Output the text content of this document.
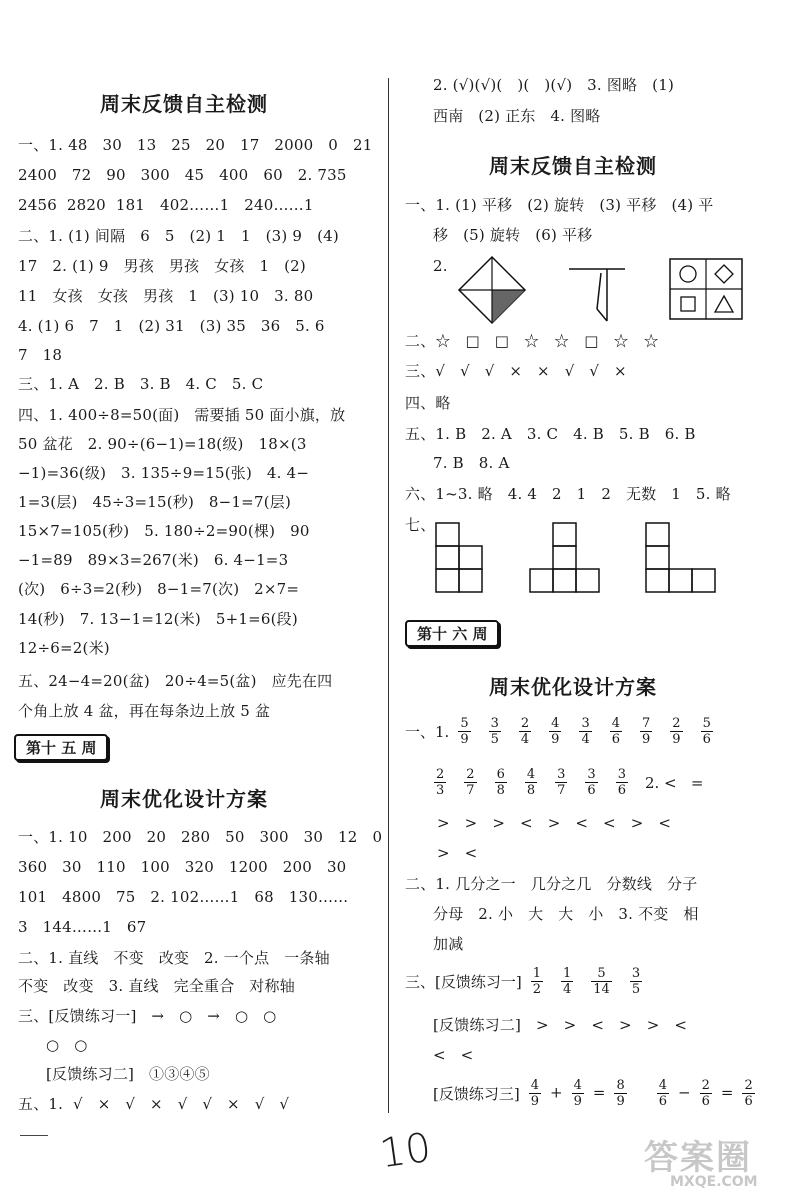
周末反馈自主检测
一、1. 48   30   13   25   20   17   2000   0   21
2400   72   90   300   45   400   60   2. 735
2456  2820  181   402……1   240……1
二、1. (1) 间隔   6   5   (2) 1   1   (3) 9   (4)
17   2. (1) 9   男孩   男孩   女孩   1   (2)
11   女孩   女孩   男孩   1   (3) 10   3. 80
4. (1) 6   7   1   (2) 31   (3) 35   36   5. 6
7   18
三、1. A   2. B   3. B   4. C   5. C
四、1. 400÷8=50(面)   需要插 50 面小旗，放
50 盆花   2. 90÷(6−1)=18(级)   18×(3
−1)=36(级)   3. 135÷9=15(张)   4. 4−
1=3(层)   45÷3=15(秒)   8−1=7(层)
15×7=105(秒)   5. 180÷2=90(棵)   90
−1=89   89×3=267(米)   6. 4−1=3
(次)   6÷3=2(秒)   8−1=7(次)   2×7=
14(秒)   7. 13−1=12(米)   5+1=6(段)
12÷6=2(米)
五、24−4=20(盆)   20÷4=5(盆)   应先在四
个角上放 4 盆，再在每条边上放 5 盆
第十 五 周
周末优化设计方案
一、1. 10   200   20   280   50   300   30   12   0
360   30   110   100   320   1200   200   30
101   4800   75   2. 102……1   68   130……
3   144……1   67
二、1. 直线   不变   改变   2. 一个点   一条轴
不变   改变   3. 直线   完全重合   对称轴
三、[反馈练习一]   →   ○   →   ○   ○
○   ○
[反馈练习二]   ①③④⑤
五、1.  √   ×   √   ×   √   √   ×   √   √
2. (√)(√)(   )(   )(√)   3. 图略   (1)
西南   (2) 正东   4. 图略
周末反馈自主检测
一、1. (1) 平移   (2) 旋转   (3) 平移   (4) 平
移   (5) 旋转   (6) 平移
2.
二、☆   □   □   ☆   ☆   □   ☆   ☆
三、√   √   √   ×   ×   √   √   ×
四、略
五、1. B   2. A   3. C   4. B   5. B   6. B
7. B   8. A
六、1~3. 略   4. 4   2   1   2   无数   1   5. 略
七、
第十 六 周
周末优化设计方案
一、1. $\frac{5}{9} \frac{3}{5} \frac{2}{4} \frac{4}{9} \frac{3}{4} \frac{4}{6} \frac{7}{9} \frac{2}{9} \frac{5}{6}$
$\frac{2}{3} \frac{2}{7} \frac{6}{8} \frac{4}{8} \frac{3}{7} \frac{3}{6} \frac{3}{6} 2$. <   =
>   >   >   <   >   <   <   >   <
>   <
二、1. 几分之一   几分之几   分数线   分子
分母   2. 小   大   大   小   3. 不变   相
加减
三、[反馈练习一] $\frac{1}{2} \frac{1}{4} \frac{5}{14} \frac{3}{5}$
[反馈练习二]   >   >   <   >   >   <
<   <
[反馈练习三] $\frac{4}{9} + \frac{4}{9} = \frac{8}{9} \frac{4}{6} - \frac{2}{6} = \frac{2}{6}$
10	答案圈
MXQE.COM
